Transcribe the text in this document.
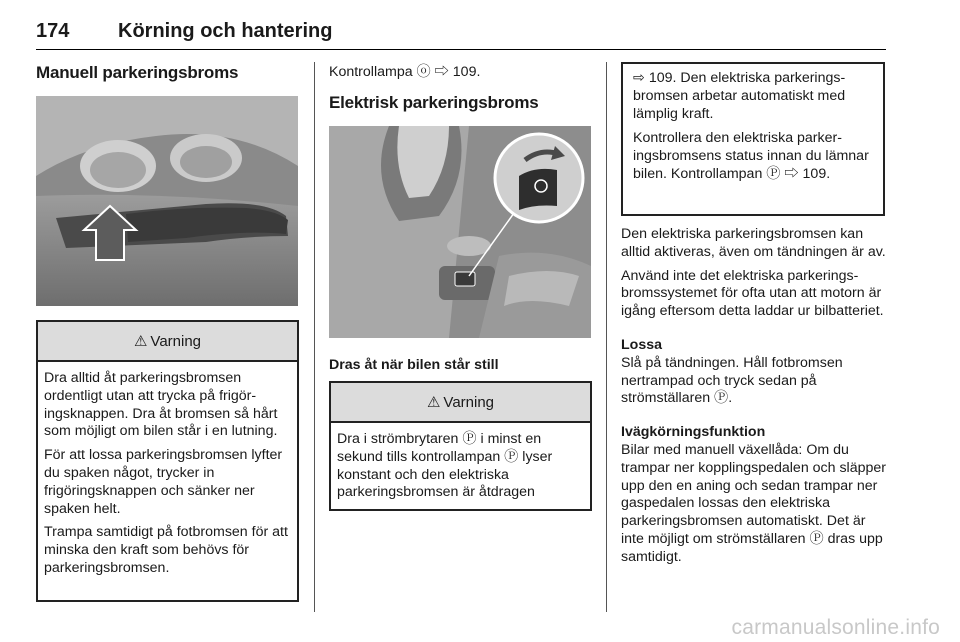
174 Körning och hantering
Manuell parkeringsbroms
⚠ Varning

Dra alltid åt parkeringsbromsen ordentligt utan att trycka på frigöringsknappen. Dra åt bromsen så hårt som möjligt om bilen står i en lutning.

För att lossa parkeringsbromsen lyfter du spaken något, trycker in frigöringsknappen och sänker ner spaken helt.

Trampa samtidigt på fotbromsen för att minska den kraft som behövs för parkeringsbromsen.

Kontrollampa ⓞ ⇨ 109.

Elektrisk parkeringsbroms

Dras åt när bilen står still

⚠ Varning

Dra i strömbrytaren Ⓟ i minst en sekund tills kontrollampan Ⓟ lyser konstant och den elektriska parkeringsbromsen är åtdragen

⇨ 109. Den elektriska parkeringsbromsen arbetar automatiskt med lämplig kraft.

Kontrollera den elektriska parkeringsbromsens status innan du lämnar bilen. Kontrollampan Ⓟ ⇨ 109.

Den elektriska parkeringsbromsen kan alltid aktiveras, även om tändningen är av.

Använd inte det elektriska parkeringsbromssystemet för ofta utan att motorn är igång eftersom detta laddar ur bilbatteriet.

Lossa

Slå på tändningen. Håll fotbromsen nertrampad och tryck sedan på strömställaren Ⓟ.

Ivägkörningsfunktion

Bilar med manuell växellåda: Om du trampar ner kopplingspedalen och släpper upp den en aning och sedan trampar ner gaspedalen lossas den elektriska parkeringsbromsen automatiskt. Det är inte möjligt om strömställaren Ⓟ dras upp samtidigt.

carmanualsonline.info
